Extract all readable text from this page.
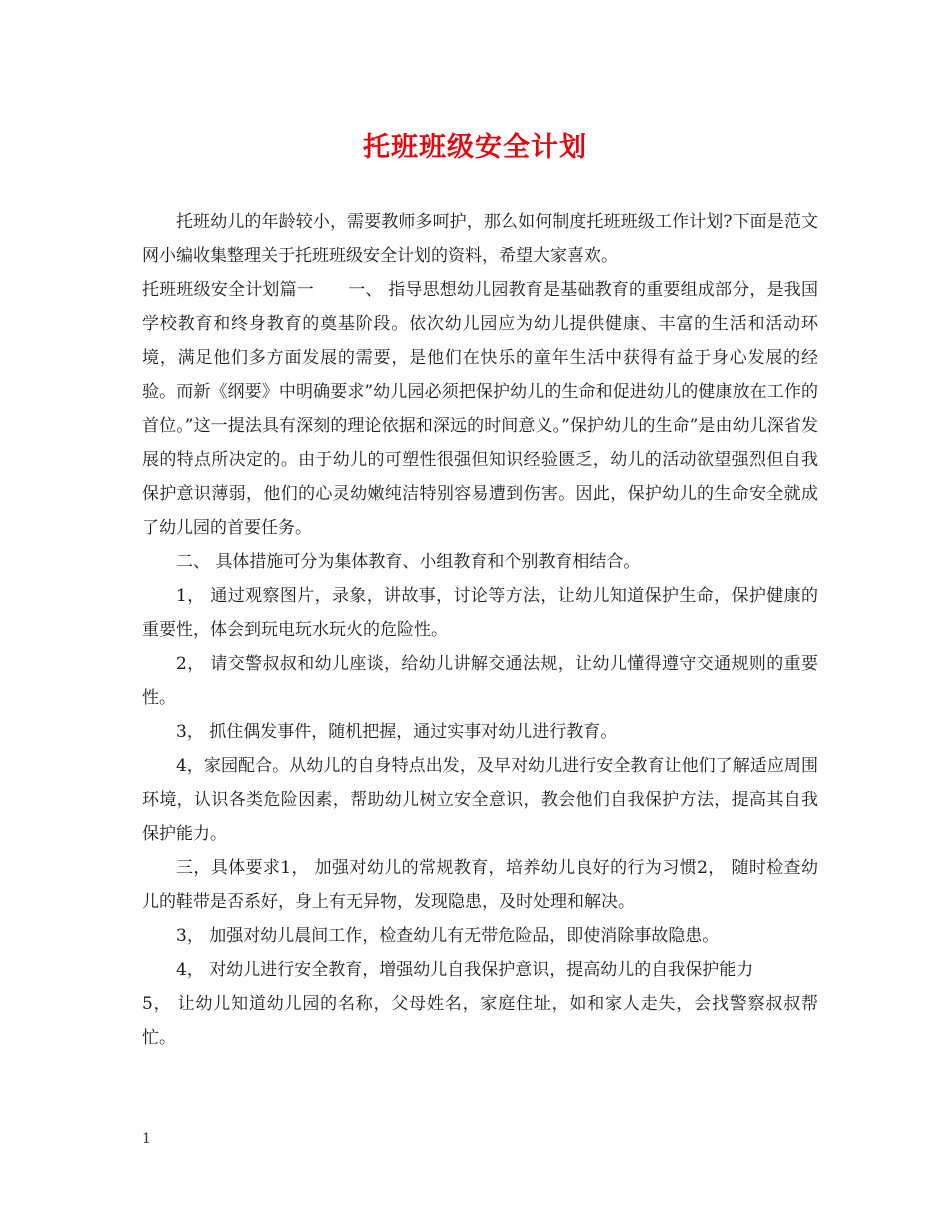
托班班级安全计划

托班幼儿的年龄较小，需要教师多呵护，那么如何制度托班班级工作计划?下面是范文网小编收集整理关于托班班级安全计划的资料，希望大家喜欢。

托班班级安全计划篇一 一、 指导思想幼儿园教育是基础教育的重要组成部分，是我国学校教育和终身教育的奠基阶段。依次幼儿园应为幼儿提供健康、丰富的生活和活动环境，满足他们多方面发展的需要，是他们在快乐的童年生活中获得有益于身心发展的经验。而新《纲要》中明确要求”幼儿园必须把保护幼儿的生命和促进幼儿的健康放在工作的首位。”这一提法具有深刻的理论依据和深远的时间意义。”保护幼儿的生命”是由幼儿深省发展的特点所决定的。由于幼儿的可塑性很强但知识经验匮乏，幼儿的活动欲望强烈但自我保护意识薄弱，他们的心灵幼嫩纯洁特别容易遭到伤害。因此，保护幼儿的生命安全就成了幼儿园的首要任务。

二、 具体措施可分为集体教育、小组教育和个别教育相结合。

1， 通过观察图片，录象，讲故事，讨论等方法，让幼儿知道保护生命，保护健康的重要性，体会到玩电玩水玩火的危险性。

2， 请交警叔叔和幼儿座谈，给幼儿讲解交通法规，让幼儿懂得遵守交通规则的重要性。

3， 抓住偶发事件，随机把握，通过实事对幼儿进行教育。

4，家园配合。从幼儿的自身特点出发，及早对幼儿进行安全教育让他们了解适应周围环境，认识各类危险因素，帮助幼儿树立安全意识，教会他们自我保护方法，提高其自我保护能力。

三，具体要求1， 加强对幼儿的常规教育，培养幼儿良好的行为习惯2， 随时检查幼儿的鞋带是否系好，身上有无异物，发现隐患，及时处理和解决。

3， 加强对幼儿晨间工作，检查幼儿有无带危险品，即使消除事故隐患。

4， 对幼儿进行安全教育，增强幼儿自我保护意识，提高幼儿的自我保护能力

5， 让幼儿知道幼儿园的名称，父母姓名，家庭住址，如和家人走失，会找警察叔叔帮忙。

1
